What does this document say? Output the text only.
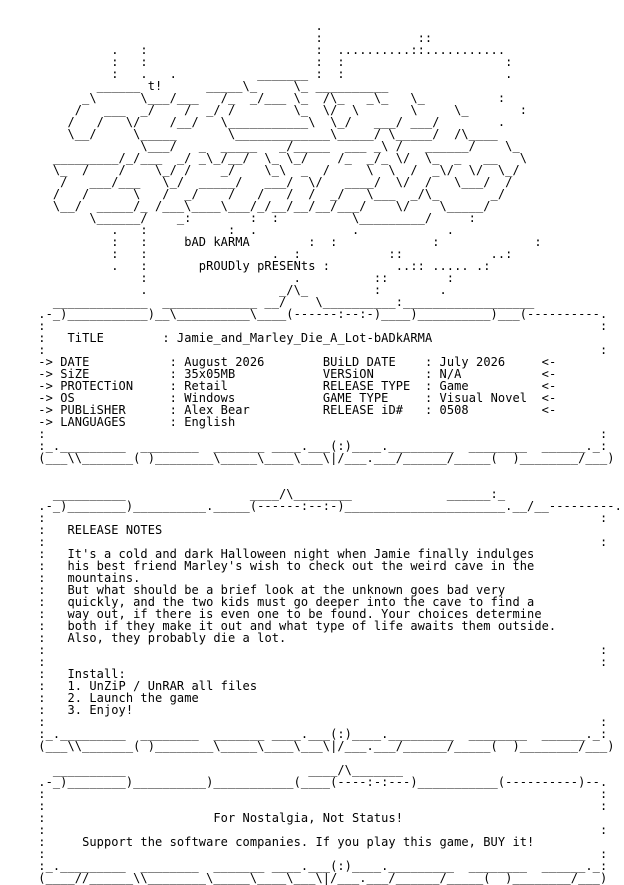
.
:             ::
.   :                       :  ..........::...........
:   :                       :  :                      :
:   .   .           _______ :  :                      .
______ t!      _____\_     \_ __________
_\      \___/___   /_  _/___ \_  /\_   _\_   \_          :
/   ___  _/    /  _/ /        \_  \/  \       \     \_       :
/   /   \/    /__/   \___________\  \_/   ___/ ___/        .
\__/     \_____       \_____________\_____/ \_____/  /\____
\___/   _  _____   _/_____  ___ _\ /   ______/    \_
_________/_/___  _/ _\_/__/  \_ \_/    /_  _/_ \/  \_  _   __   \
\_  /    /    \_/ /    _/    \_\  _  /     \  \  /  _\/  \/  \_/
/   ___/___   \_/  _____/   ___/  \/   ____/  \/  /   \___/  /
/   /      \   /  _/    /   /   /  /  _/   \___  _/\_       _/
\__/  _____/_ /___\____\___/_/__/__/__/___/    \/    \_____/
\______/    _:        :  :          \_________/     :
.   :           :  .             .            .
:   :     bAD kARMA        :  :             :             :
:   :                 .  :            ::            ..:
.   :       pROUDly pRESENts :         ..:: ..... .:
:                    .          ::        :
.                  _/\_         :        .
_____________  _____________ __/    \__________:__________________
.-_)___________)__\__________\____(------:--:-)____)__________)___(----------.
:                                                                            :
:   TiTLE        : Jamie_and_Marley_Die_A_Lot-bADkARMA
:                                                                            :
-> DATE           : August 2026        BUiLD DATE    : July 2026     <-
-> SiZE           : 35x05MB            VERSiON       : N/A           <-
-> PROTECTiON     : Retail             RELEASE TYPE  : Game          <-
-> OS             : Windows            GAME TYPE     : Visual Novel  <-
-> PUBLiSHER      : Alex Bear          RELEASE iD#   : 0508          <-
-> LANGUAGES      : English
:                                                                            :
:_._________  ________  _______ ____.___(:)____._________  ________  ______._:
(___\\_______( )________\_____\____\___\|/___.___/______/_____(  )________/___)
__________                 ____/\________             ______:_
.-_)________)__________._____(------:--:-)______________________.__/__---------.
:                                                                            :
:   RELEASE NOTES
:                                                                            :
:   It's a cold and dark Halloween night when Jamie finally indulges
:   his best friend Marley's wish to check out the weird cave in the
:   mountains.
:   But what should be a brief look at the unknown goes bad very
:   quickly, and the two kids must go deeper into the cave to find a
:   way out, if there is even one to be found. Your choices determine
:   both if they make it out and what type of life awaits them outside.
:   Also, they probably die a lot.
:                                                                            :
:                                                                            :
:   Install:
:   1. UnZiP / UnRAR all files
:   2. Launch the game
:   3. Enjoy!
:                                                                            :
:_._________  ________  _______ ____.___(:)____._________  ________  ______._:
(___\\_______( )________\_____\____\___\|/___.___/______/_____(  )________/___)
__________                         ____/\_______
.-_)________)__________)___________(____(----:-:---)___________(----------)--.
:                                                                            :
:                                                                            :
:                       For Nostalgia, Not Status!
:                                                                            :
:     Support the software companies. If you play this game, BUY it!
:                                                                            :
:_._________  ________  _______ ____.___(:)____._________  ________  ______._:
(____//______\\________\_____\____\___\|/___.___/______/_____(  )________/___)
